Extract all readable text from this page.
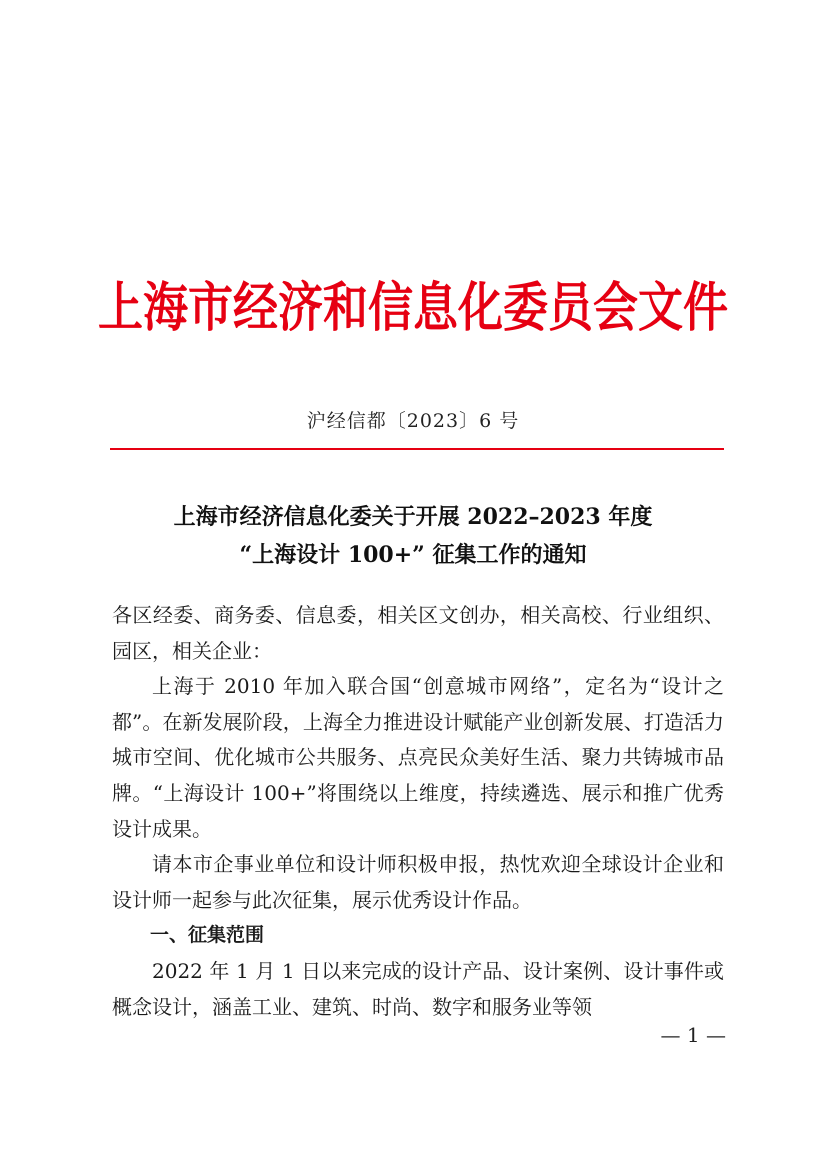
上海市经济和信息化委员会文件
沪经信都〔2023〕6 号
上海市经济信息化委关于开展 2022–2023 年度
“上海设计 100+” 征集工作的通知

各区经委、商务委、信息委，相关区文创办，相关高校、行业组织、园区，相关企业：

上海于 2010 年加入联合国“创意城市网络”，定名为“设计之都”。在新发展阶段，上海全力推进设计赋能产业创新发展、打造活力城市空间、优化城市公共服务、点亮民众美好生活、聚力共铸城市品牌。“上海设计 100+”将围绕以上维度，持续遴选、展示和推广优秀设计成果。

请本市企事业单位和设计师积极申报，热忱欢迎全球设计企业和设计师一起参与此次征集，展示优秀设计作品。

一、征集范围

2022 年 1 月 1 日以来完成的设计产品、设计案例、设计事件或概念设计，涵盖工业、建筑、时尚、数字和服务业等领

— 1 —
